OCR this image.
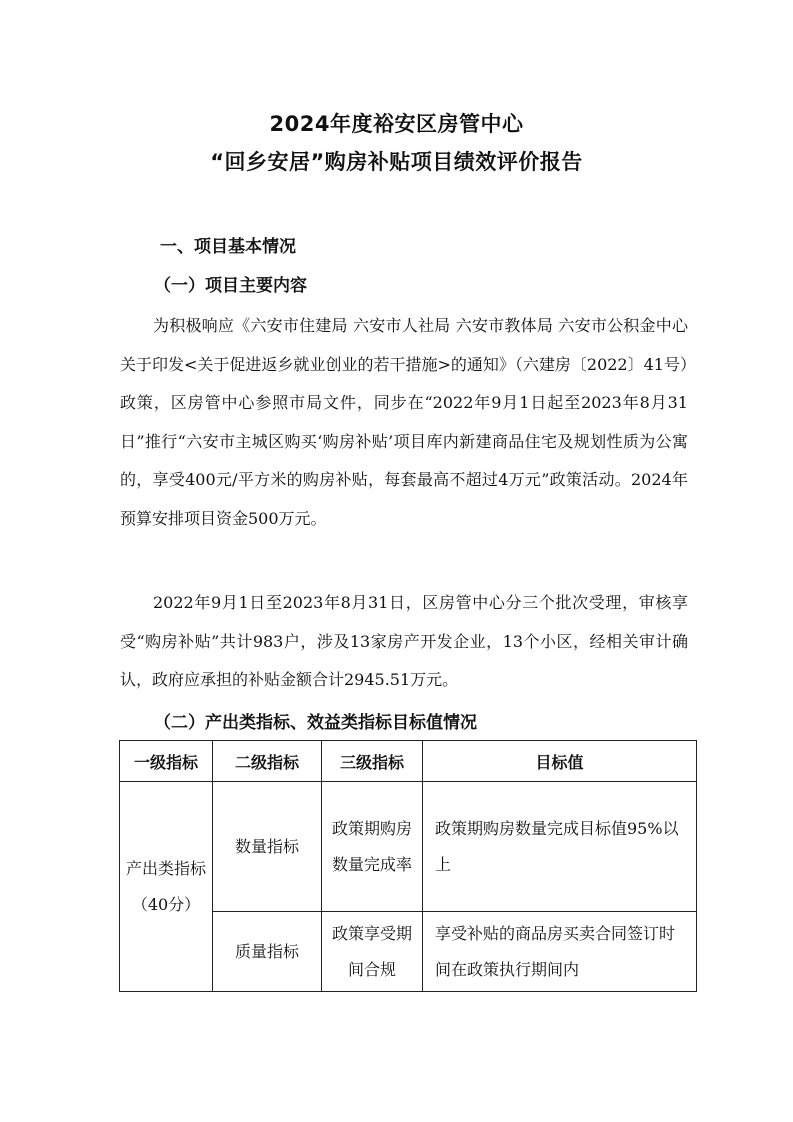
2024年度裕安区房管中心
“回乡安居”购房补贴项目绩效评价报告
一、项目基本情况
（一）项目主要内容

为积极响应《六安市住建局 六安市人社局 六安市教体局 六安市公积金中心关于印发<关于促进返乡就业创业的若干措施>的通知》（六建房〔2022〕41号）政策，区房管中心参照市局文件，同步在“2022年9月1日起至2023年8月31日”推行“六安市主城区购买‘购房补贴’项目库内新建商品住宅及规划性质为公寓的，享受400元/平方米的购房补贴，每套最高不超过4万元”政策活动。2024年预算安排项目资金500万元。

2022年9月1日至2023年8月31日，区房管中心分三个批次受理，审核享受“购房补贴”共计983户，涉及13家房产开发企业，13个小区，经相关审计确认，政府应承担的补贴金额合计2945.51万元。

（二）产出类指标、效益类指标目标值情况
一级指标	二级指标	三级指标	目标值
产出类指标（40分）	数量指标	政策期购房数量完成率	政策期购房数量完成目标值95%以上
	质量指标	政策享受期间合规	享受补贴的商品房买卖合同签订时间在政策执行期间内
